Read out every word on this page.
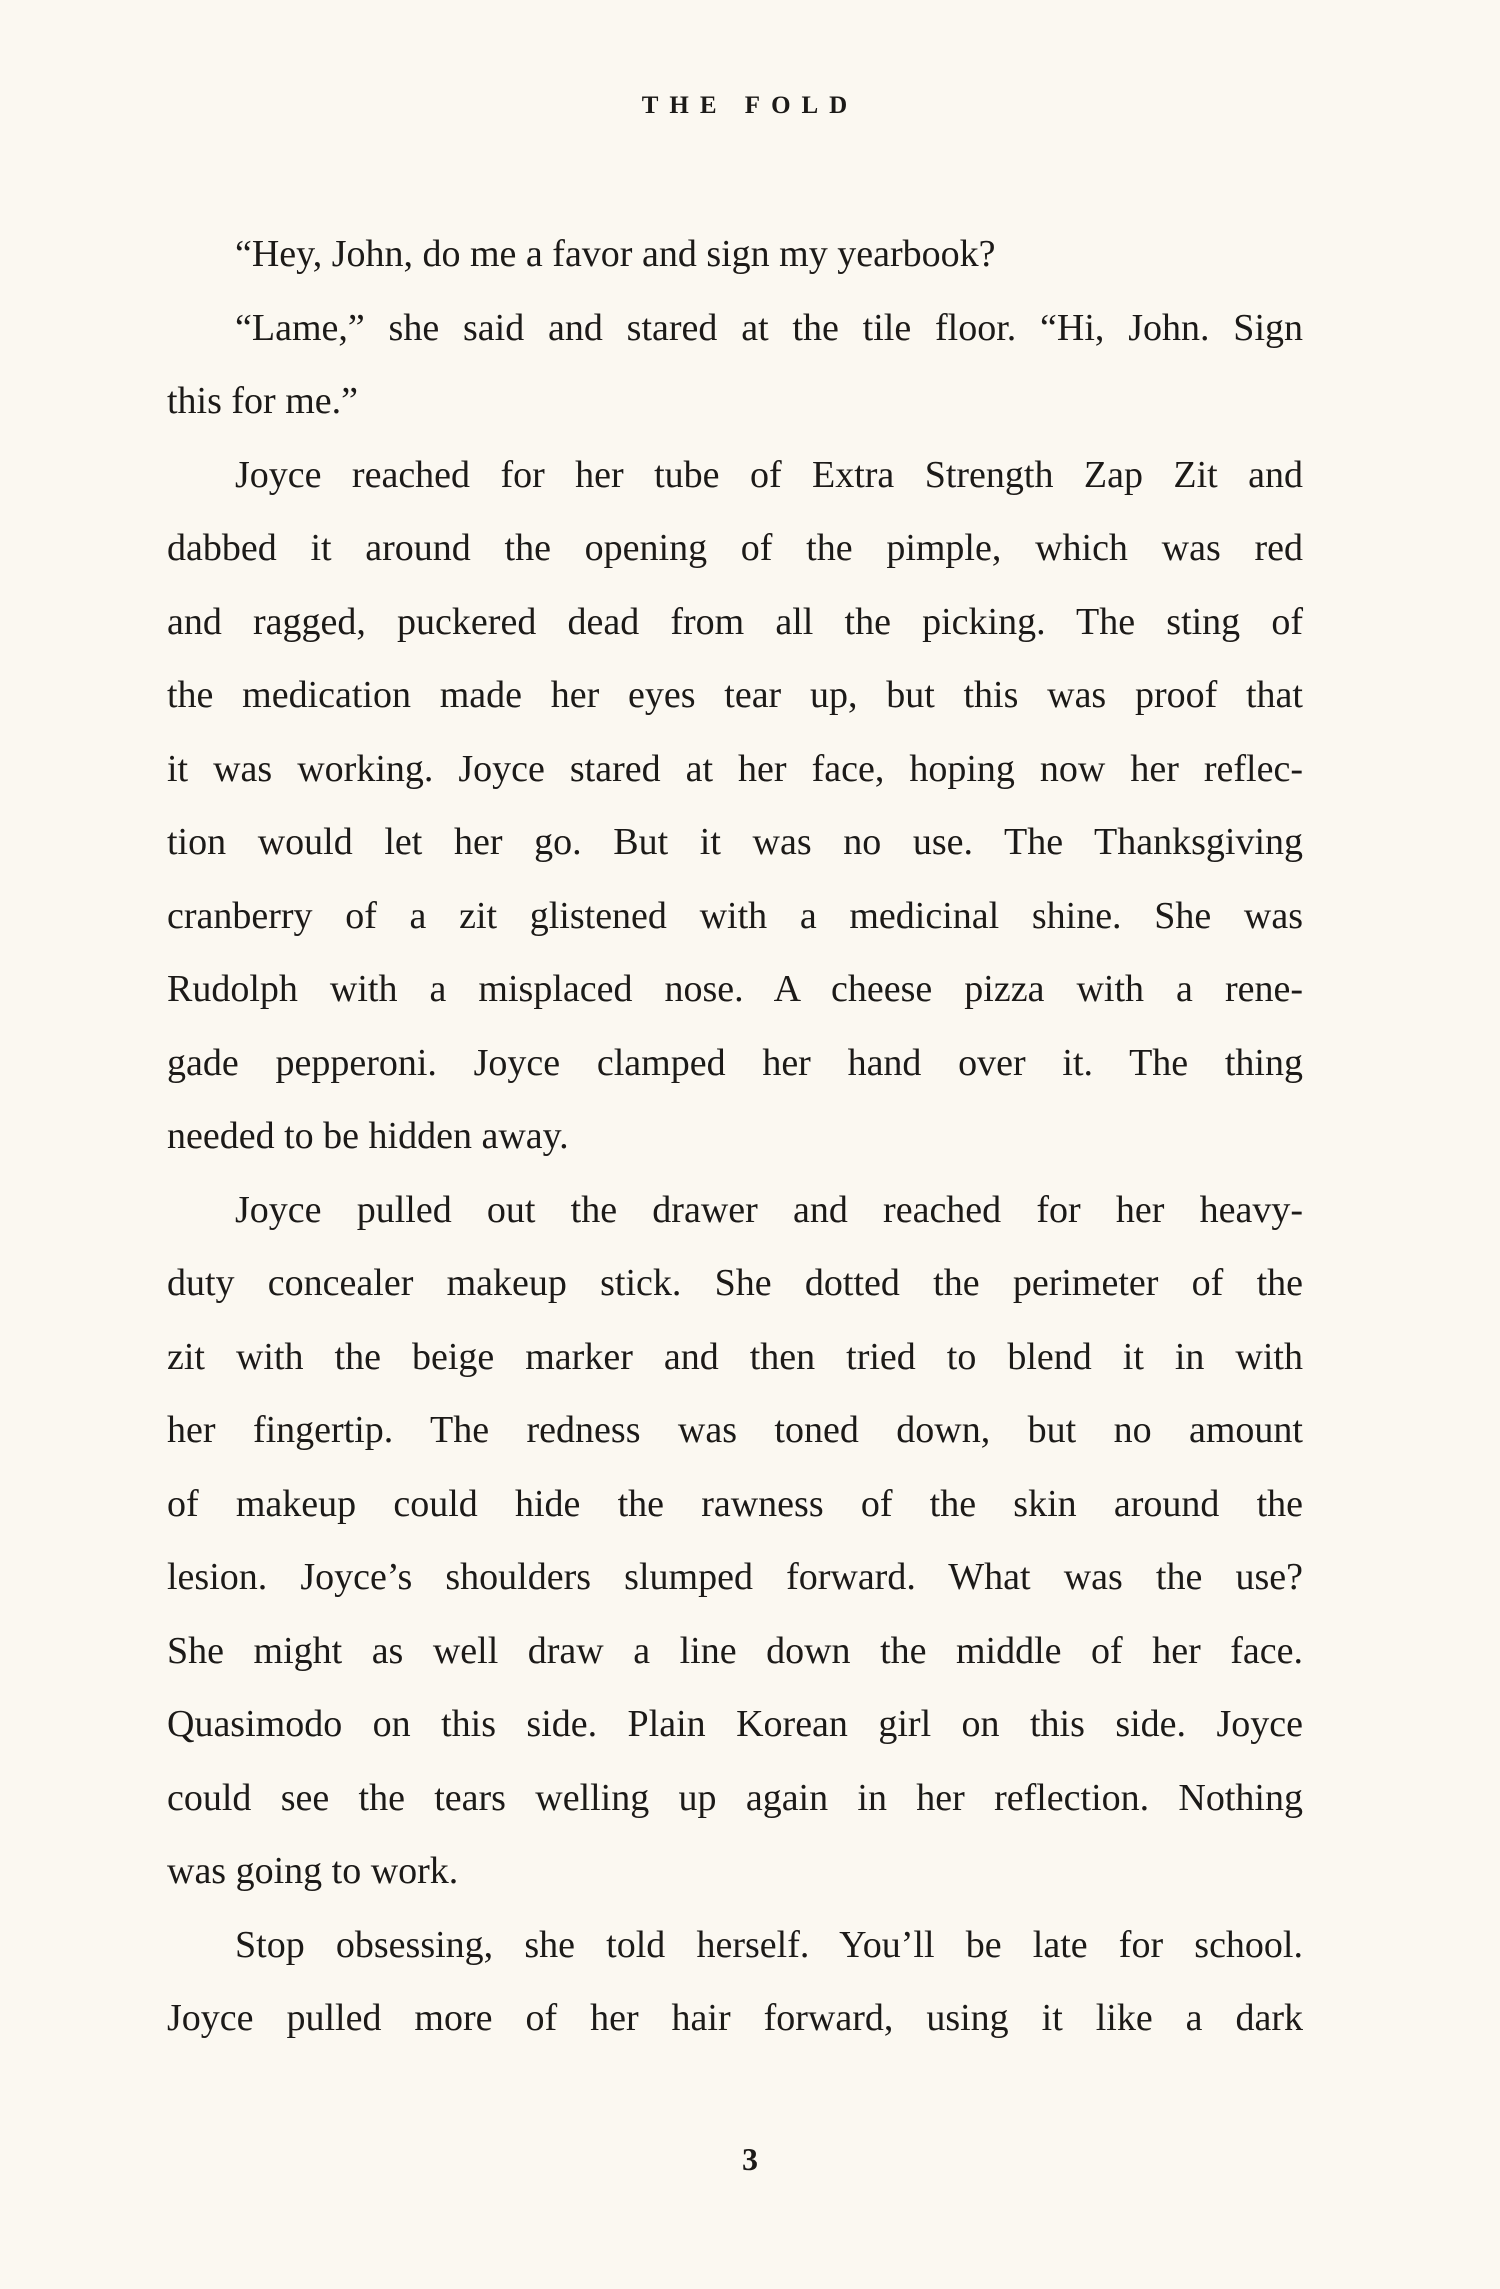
THE FOLD
“Hey, John, do me a favor and sign my yearbook?
“Lame,” she said and stared at the tile floor. “Hi, John. Sign
this for me.”
Joyce reached for her tube of Extra Strength Zap Zit and
dabbed it around the opening of the pimple, which was red
and ragged, puckered dead from all the picking. The sting of
the medication made her eyes tear up, but this was proof that
it was working. Joyce stared at her face, hoping now her reflec-
tion would let her go. But it was no use. The Thanksgiving
cranberry of a zit glistened with a medicinal shine. She was
Rudolph with a misplaced nose. A cheese pizza with a rene-
gade pepperoni. Joyce clamped her hand over it. The thing
needed to be hidden away.
Joyce pulled out the drawer and reached for her heavy-
duty concealer makeup stick. She dotted the perimeter of the
zit with the beige marker and then tried to blend it in with
her fingertip. The redness was toned down, but no amount
of makeup could hide the rawness of the skin around the
lesion. Joyce’s shoulders slumped forward. What was the use?
She might as well draw a line down the middle of her face.
Quasimodo on this side. Plain Korean girl on this side. Joyce
could see the tears welling up again in her reflection. Nothing
was going to work.
Stop obsessing, she told herself. You’ll be late for school.
Joyce pulled more of her hair forward, using it like a dark
3
